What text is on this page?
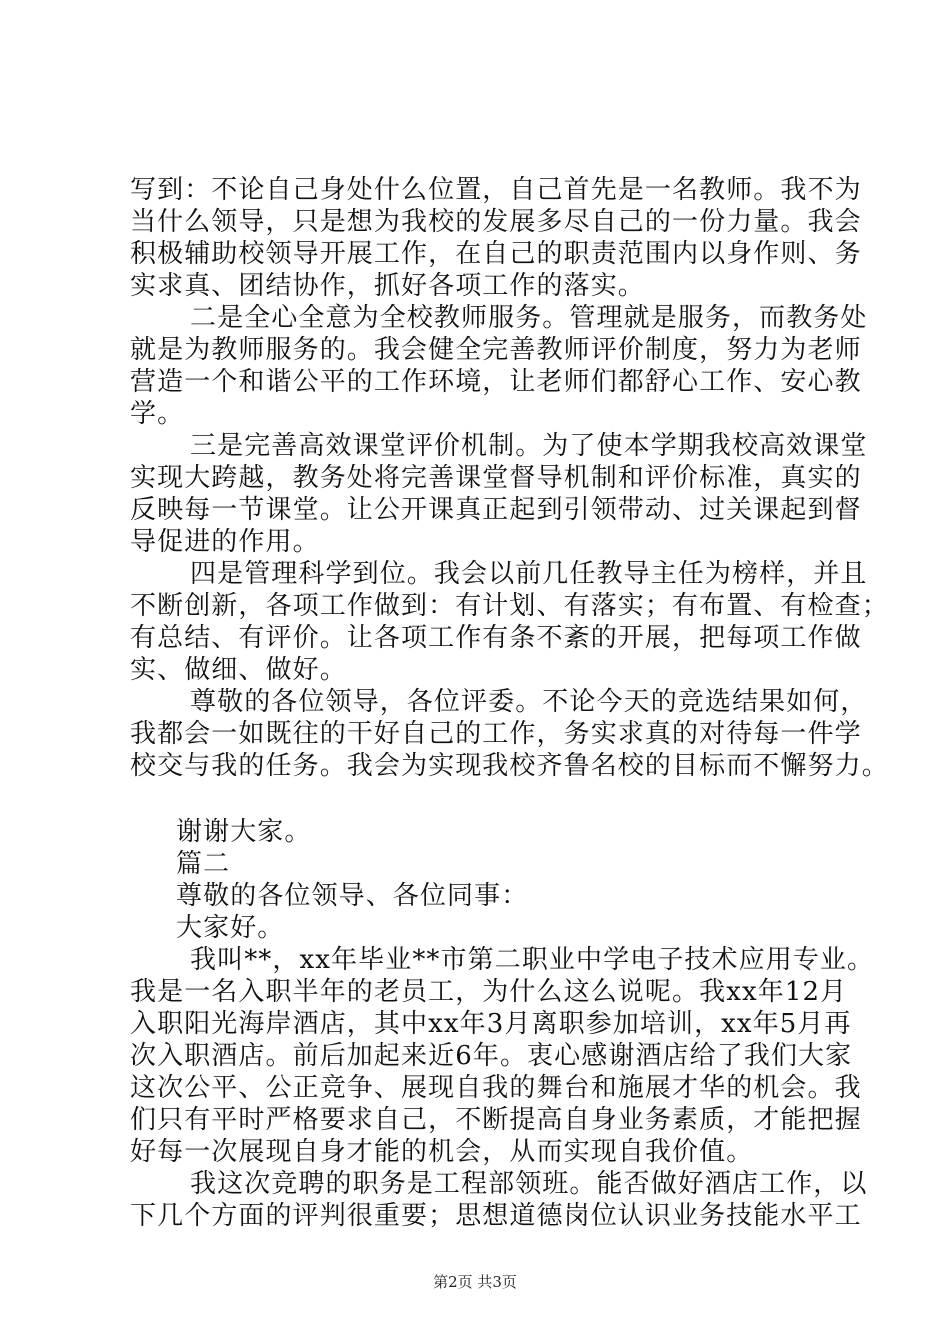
写到：不论自己身处什么位置，自己首先是一名教师。我不为
当什么领导，只是想为我校的发展多尽自己的一份力量。我会
积极辅助校领导开展工作，在自己的职责范围内以身作则、务
实求真、团结协作，抓好各项工作的落实。
二是全心全意为全校教师服务。管理就是服务，而教务处
就是为教师服务的。我会健全完善教师评价制度，努力为老师
营造一个和谐公平的工作环境，让老师们都舒心工作、安心教
学。
三是完善高效课堂评价机制。为了使本学期我校高效课堂
实现大跨越，教务处将完善课堂督导机制和评价标准，真实的
反映每一节课堂。让公开课真正起到引领带动、过关课起到督
导促进的作用。
四是管理科学到位。我会以前几任教导主任为榜样，并且
不断创新，各项工作做到：有计划、有落实；有布置、有检查；
有总结、有评价。让各项工作有条不紊的开展，把每项工作做
实、做细、做好。
尊敬的各位领导，各位评委。不论今天的竞选结果如何，
我都会一如既往的干好自己的工作，务实求真的对待每一件学
校交与我的任务。我会为实现我校齐鲁名校的目标而不懈努力。
谢谢大家。
篇二
尊敬的各位领导、各位同事：
大家好。
我叫**，xx年毕业**市第二职业中学电子技术应用专业。
我是一名入职半年的老员工，为什么这么说呢。我xx年12月
入职阳光海岸酒店，其中xx年3月离职参加培训，xx年5月再
次入职酒店。前后加起来近6年。衷心感谢酒店给了我们大家
这次公平、公正竞争、展现自我的舞台和施展才华的机会。我
们只有平时严格要求自己，不断提高自身业务素质，才能把握
好每一次展现自身才能的机会，从而实现自我价值。
我这次竞聘的职务是工程部领班。能否做好酒店工作，以
下几个方面的评判很重要；思想道德岗位认识业务技能水平工
第2页 共3页
